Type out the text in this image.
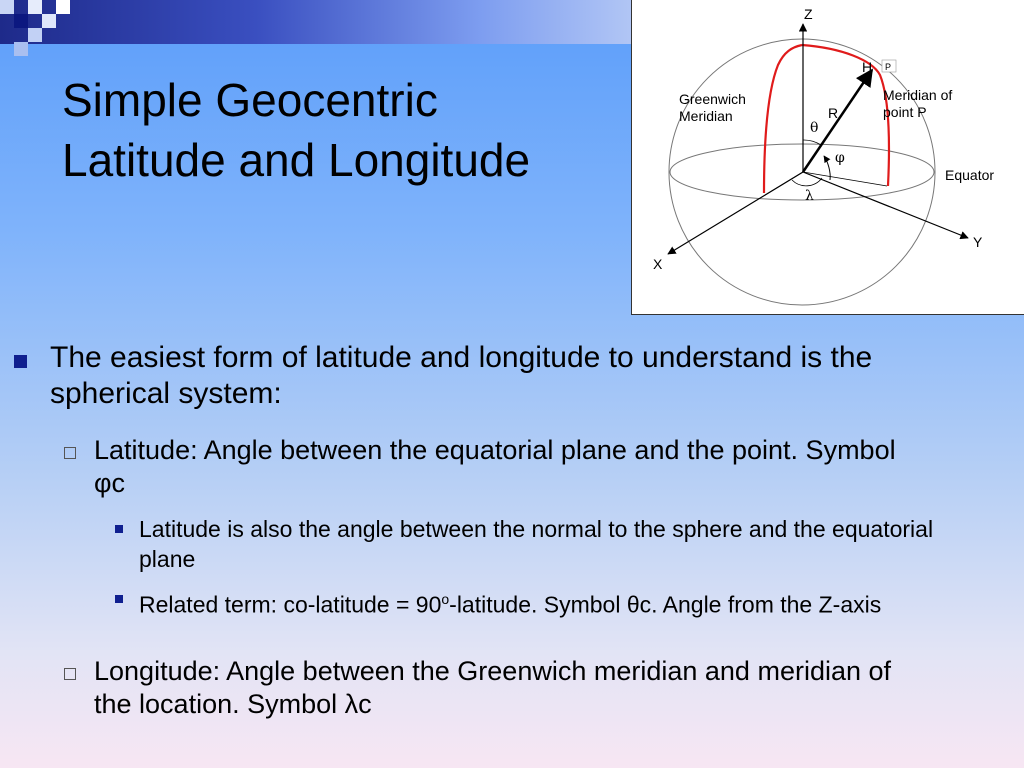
Simple Geocentric
Latitude and Longitude
Z
X
Y
H P
R
θ
φ
λ
Greenwich
Meridian
Meridian of
point P
Equator
The easiest form of latitude and longitude to understand is the spherical system:
Latitude: Angle between the equatorial plane and the point. Symbol φc
Latitude is also the angle between the normal to the sphere and the equatorial plane
Related term: co-latitude = $90^o$-latitude. Symbol θc. Angle from the Z-axis
Longitude: Angle between the Greenwich meridian and meridian of the location. Symbol λc
